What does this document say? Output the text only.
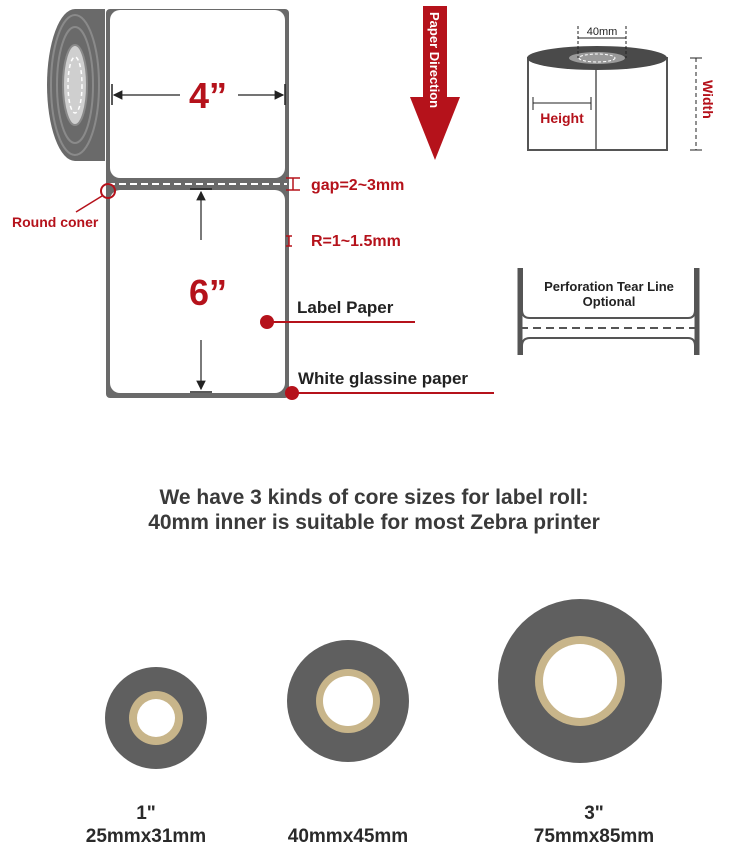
4”
6”
Round coner
gap=2~3mm
R=1~1.5mm
Label Paper
White glassine paper
Paper Direction	40mm
Height	Width
Perforation Tear Line
Optional
We have 3 kinds of core sizes for label roll:
40mm inner is suitable for most Zebra printer
1"
25mmx31mm	40mmx45mm
3"
75mmx85mm
